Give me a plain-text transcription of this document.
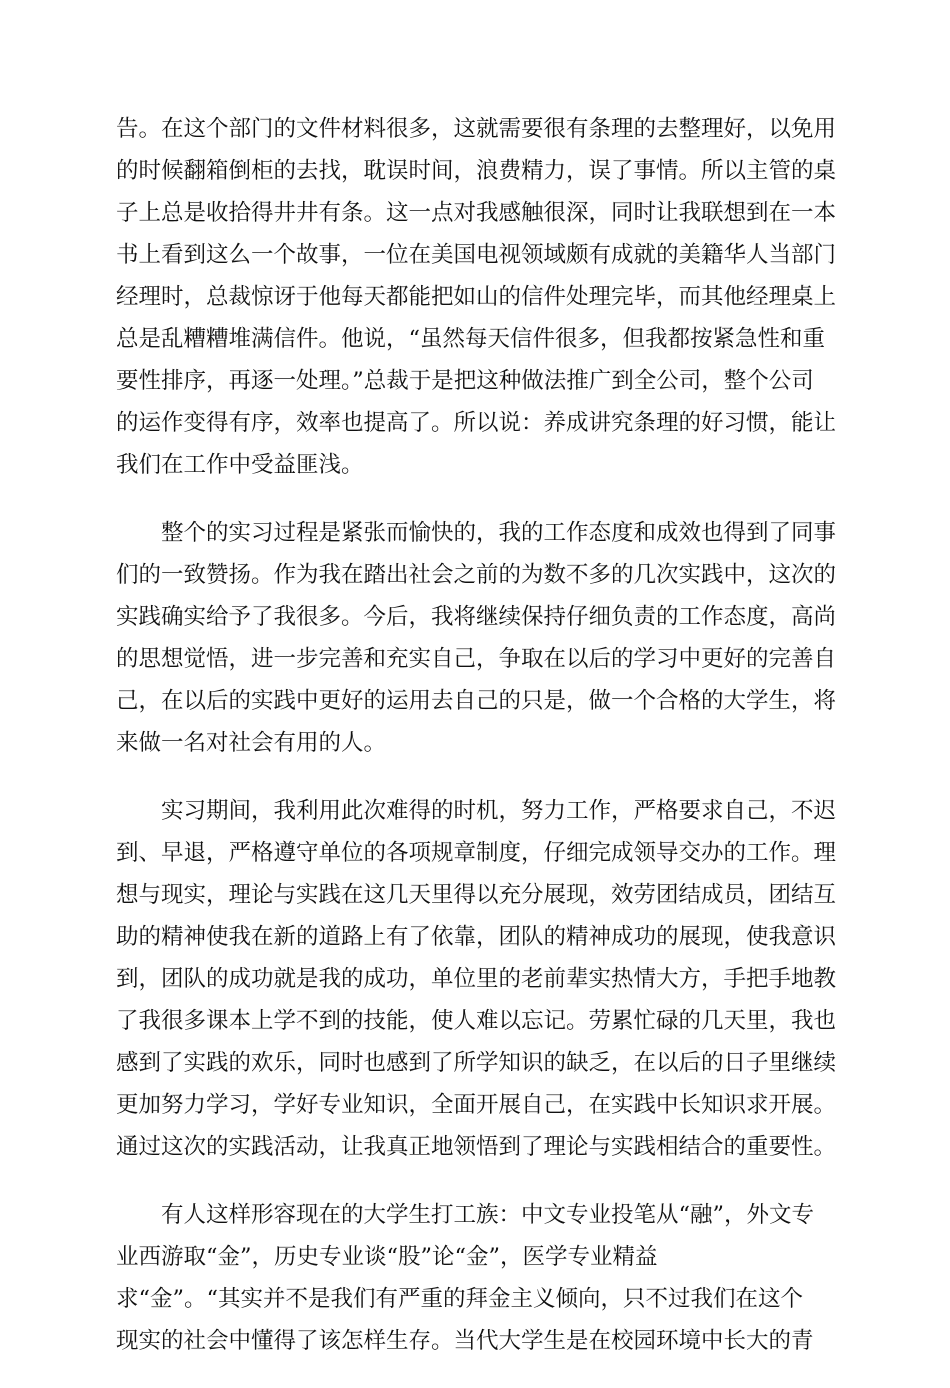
告。在这个部门的文件材料很多，这就需要很有条理的去整理好，以免用
的时候翻箱倒柜的去找，耽误时间，浪费精力，误了事情。所以主管的桌
子上总是收拾得井井有条。这一点对我感触很深，同时让我联想到在一本
书上看到这么一个故事，一位在美国电视领域颇有成就的美籍华人当部门
经理时，总裁惊讶于他每天都能把如山的信件处理完毕，而其他经理桌上
总是乱糟糟堆满信件。他说，“虽然每天信件很多，但我都按紧急性和重
要性排序，再逐一处理。”总裁于是把这种做法推广到全公司，整个公司
的运作变得有序，效率也提高了。所以说：养成讲究条理的好习惯，能让
我们在工作中受益匪浅。
　　整个的实习过程是紧张而愉快的，我的工作态度和成效也得到了同事
们的一致赞扬。作为我在踏出社会之前的为数不多的几次实践中，这次的
实践确实给予了我很多。今后，我将继续保持仔细负责的工作态度，高尚
的思想觉悟，进一步完善和充实自己，争取在以后的学习中更好的完善自
己，在以后的实践中更好的运用去自己的只是，做一个合格的大学生，将
来做一名对社会有用的人。
　　实习期间，我利用此次难得的时机，努力工作，严格要求自己，不迟
到、早退，严格遵守单位的各项规章制度，仔细完成领导交办的工作。理
想与现实，理论与实践在这几天里得以充分展现，效劳团结成员，团结互
助的精神使我在新的道路上有了依靠，团队的精神成功的展现，使我意识
到，团队的成功就是我的成功，单位里的老前辈实热情大方，手把手地教
了我很多课本上学不到的技能，使人难以忘记。劳累忙碌的几天里，我也
感到了实践的欢乐，同时也感到了所学知识的缺乏，在以后的日子里继续
更加努力学习，学好专业知识，全面开展自己，在实践中长知识求开展。
通过这次的实践活动，让我真正地领悟到了理论与实践相结合的重要性。
　　有人这样形容现在的大学生打工族：中文专业投笔从“融”，外文专
业西游取“金”，历史专业谈“股”论“金”，医学专业精益
求“金”。“其实并不是我们有严重的拜金主义倾向，只不过我们在这个
现实的社会中懂得了该怎样生存。当代大学生是在校园环境中长大的青
